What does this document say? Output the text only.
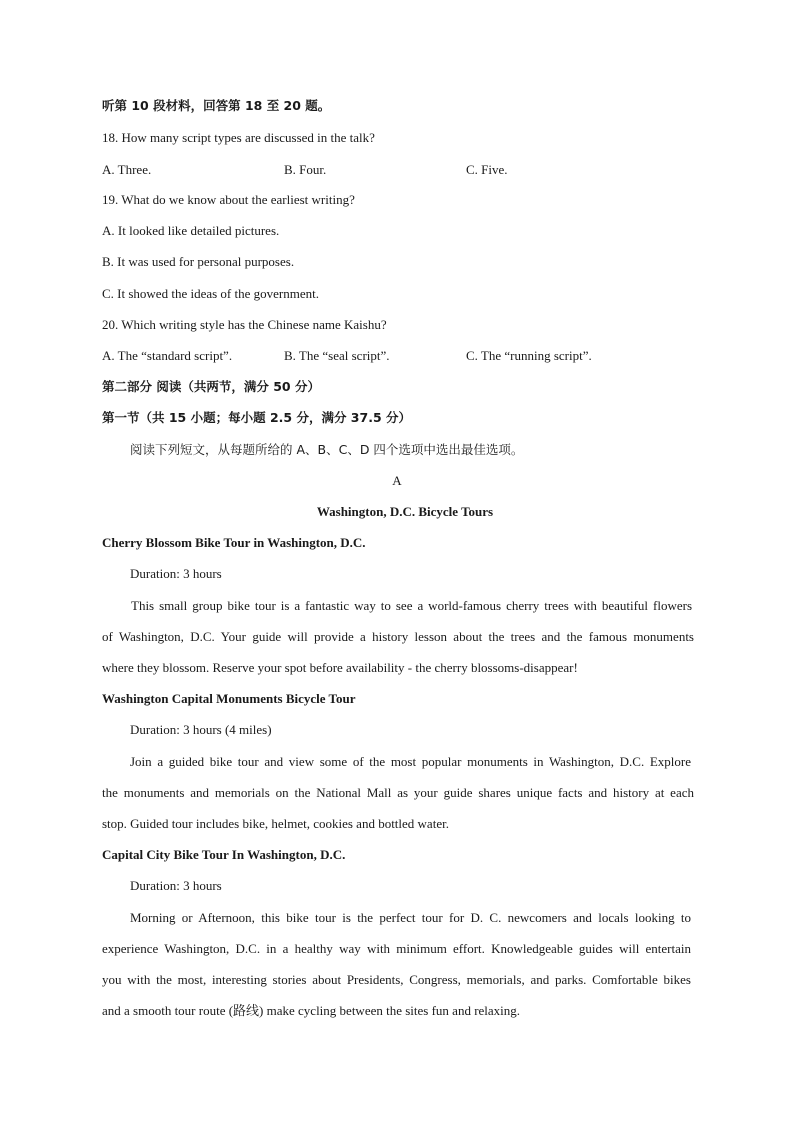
听第 10 段材料，回答第 18 至 20 题。
18. How many script types are discussed in the talk?
A. Three.	B. Four.	C. Five.
19. What do we know about the earliest writing?
A. It looked like detailed pictures.
B. It was used for personal purposes.
C. It showed the ideas of the government.
20. Which writing style has the Chinese name Kaishu?
A. The “standard script”.	B. The “seal script”.	C. The “running script”.
第二部分 阅读（共两节，满分 50 分）
第一节（共 15 小题；每小题 2.5 分，满分 37.5 分）
阅读下列短文，从每题所给的 A、B、C、D 四个选项中选出最佳选项。
A
Washington, D.C. Bicycle Tours
Cherry Blossom Bike Tour in Washington, D.C.
Duration: 3 hours
This small group bike tour is a fantastic way to see a world-famous cherry trees with beautiful flowers
of Washington, D.C. Your guide will provide a history lesson about the trees and the famous monuments
where they blossom. Reserve your spot before availability - the cherry blossoms-disappear!
Washington Capital Monuments Bicycle Tour
Duration: 3 hours (4 miles)
Join a guided bike tour and view some of the most popular monuments in Washington, D.C. Explore
the monuments and memorials on the National Mall as your guide shares unique facts and history at each
stop. Guided tour includes bike, helmet, cookies and bottled water.
Capital City Bike Tour In Washington, D.C.
Duration: 3 hours
Morning or Afternoon, this bike tour is the perfect tour for D. C. newcomers and locals looking to
experience Washington, D.C. in a healthy way with minimum effort. Knowledgeable guides will entertain
you with the most, interesting stories about Presidents, Congress, memorials, and parks. Comfortable bikes
and a smooth tour route (路线) make cycling between the sites fun and relaxing.
